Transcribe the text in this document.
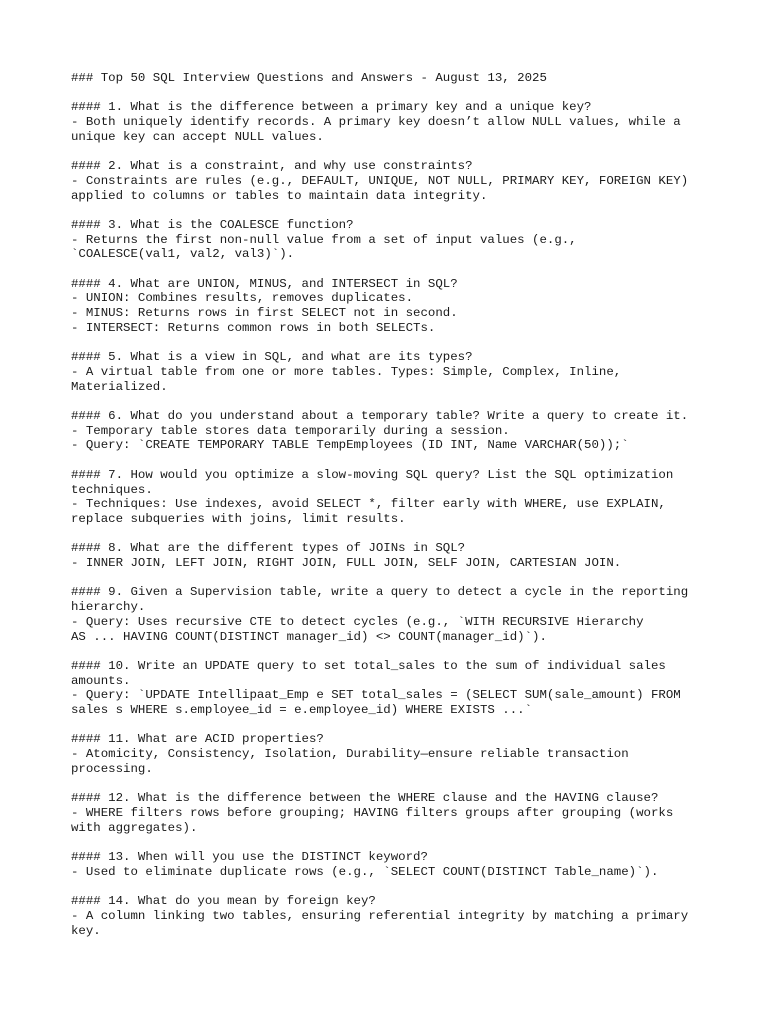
### Top 50 SQL Interview Questions and Answers - August 13, 2025
#### 1. What is the difference between a primary key and a unique key?
- Both uniquely identify records. A primary key doesn’t allow NULL values, while a
unique key can accept NULL values.
#### 2. What is a constraint, and why use constraints?
- Constraints are rules (e.g., DEFAULT, UNIQUE, NOT NULL, PRIMARY KEY, FOREIGN KEY)
applied to columns or tables to maintain data integrity.
#### 3. What is the COALESCE function?
- Returns the first non-null value from a set of input values (e.g.,
`COALESCE(val1, val2, val3)`).
#### 4. What are UNION, MINUS, and INTERSECT in SQL?
- UNION: Combines results, removes duplicates.
- MINUS: Returns rows in first SELECT not in second.
- INTERSECT: Returns common rows in both SELECTs.
#### 5. What is a view in SQL, and what are its types?
- A virtual table from one or more tables. Types: Simple, Complex, Inline,
Materialized.
#### 6. What do you understand about a temporary table? Write a query to create it.
- Temporary table stores data temporarily during a session.
- Query: `CREATE TEMPORARY TABLE TempEmployees (ID INT, Name VARCHAR(50));`
#### 7. How would you optimize a slow-moving SQL query? List the SQL optimization
techniques.
- Techniques: Use indexes, avoid SELECT *, filter early with WHERE, use EXPLAIN,
replace subqueries with joins, limit results.
#### 8. What are the different types of JOINs in SQL?
- INNER JOIN, LEFT JOIN, RIGHT JOIN, FULL JOIN, SELF JOIN, CARTESIAN JOIN.
#### 9. Given a Supervision table, write a query to detect a cycle in the reporting
hierarchy.
- Query: Uses recursive CTE to detect cycles (e.g., `WITH RECURSIVE Hierarchy
AS ... HAVING COUNT(DISTINCT manager_id) <> COUNT(manager_id)`).
#### 10. Write an UPDATE query to set total_sales to the sum of individual sales
amounts.
- Query: `UPDATE Intellipaat_Emp e SET total_sales = (SELECT SUM(sale_amount) FROM
sales s WHERE s.employee_id = e.employee_id) WHERE EXISTS ...`
#### 11. What are ACID properties?
- Atomicity, Consistency, Isolation, Durability—ensure reliable transaction
processing.
#### 12. What is the difference between the WHERE clause and the HAVING clause?
- WHERE filters rows before grouping; HAVING filters groups after grouping (works
with aggregates).
#### 13. When will you use the DISTINCT keyword?
- Used to eliminate duplicate rows (e.g., `SELECT COUNT(DISTINCT Table_name)`).
#### 14. What do you mean by foreign key?
- A column linking two tables, ensuring referential integrity by matching a primary
key.
